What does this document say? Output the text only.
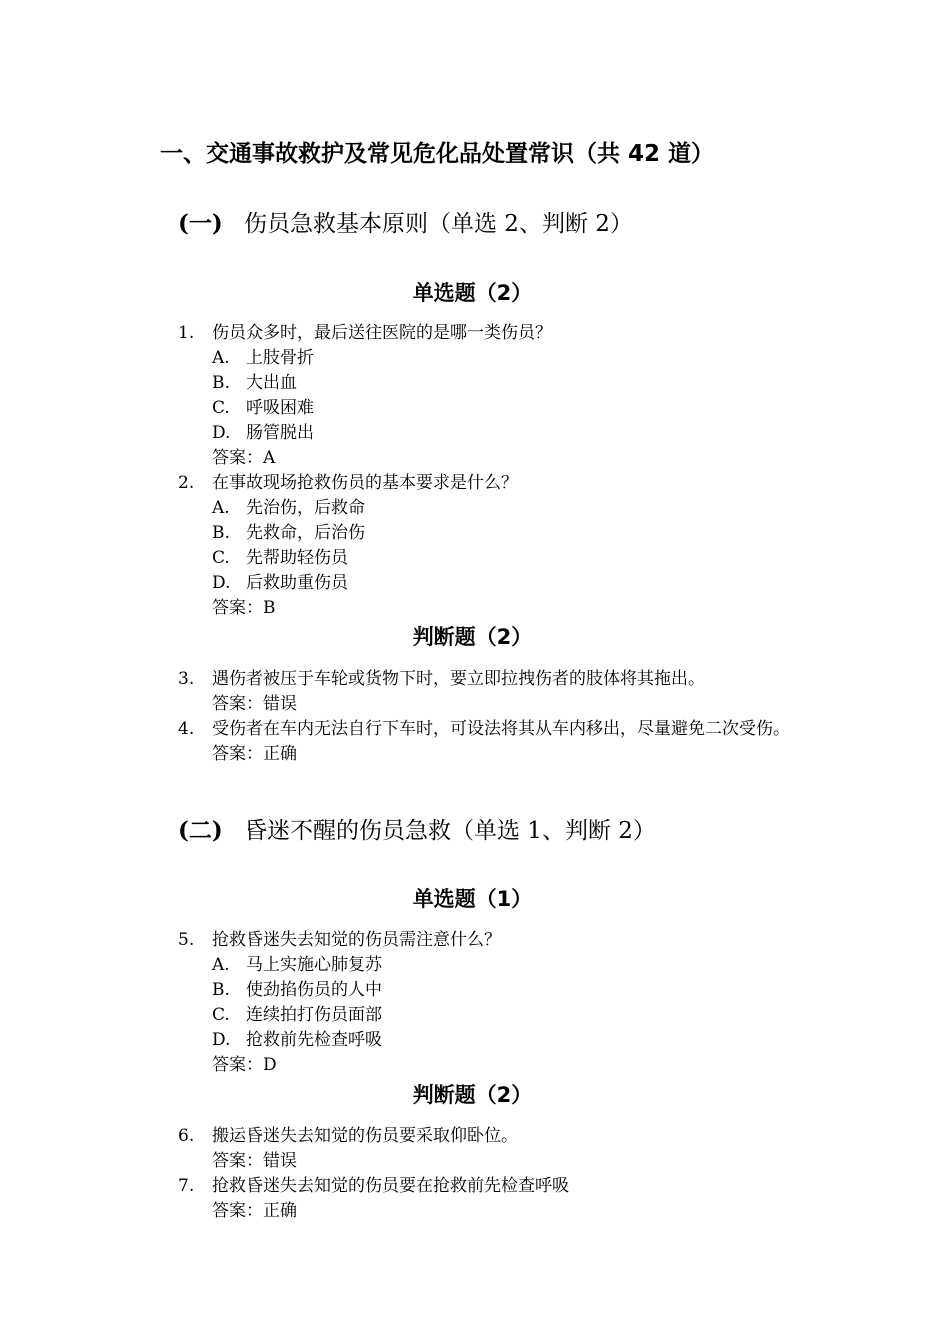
一、交通事故救护及常见危化品处置常识（共 42 道）
(一) 伤员急救基本原则（单选 2、判断 2）
单选题（2）
1.	伤员众多时，最后送往医院的是哪一类伤员？
A. 上肢骨折
B. 大出血
C. 呼吸困难
D. 肠管脱出
答案：A
2.	在事故现场抢救伤员的基本要求是什么？
A. 先治伤，后救命
B. 先救命，后治伤
C. 先帮助轻伤员
D. 后救助重伤员
答案：B
判断题（2）
3.	遇伤者被压于车轮或货物下时，要立即拉拽伤者的肢体将其拖出。
答案：错误
4.	受伤者在车内无法自行下车时，可设法将其从车内移出，尽量避免二次受伤。
答案：正确
(二) 昏迷不醒的伤员急救（单选 1、判断 2）
单选题（1）
5.	抢救昏迷失去知觉的伤员需注意什么？
A. 马上实施心肺复苏
B. 使劲掐伤员的人中
C. 连续拍打伤员面部
D. 抢救前先检查呼吸
答案：D
判断题（2）
6.	搬运昏迷失去知觉的伤员要采取仰卧位。
答案：错误
7.	抢救昏迷失去知觉的伤员要在抢救前先检查呼吸
答案：正确
